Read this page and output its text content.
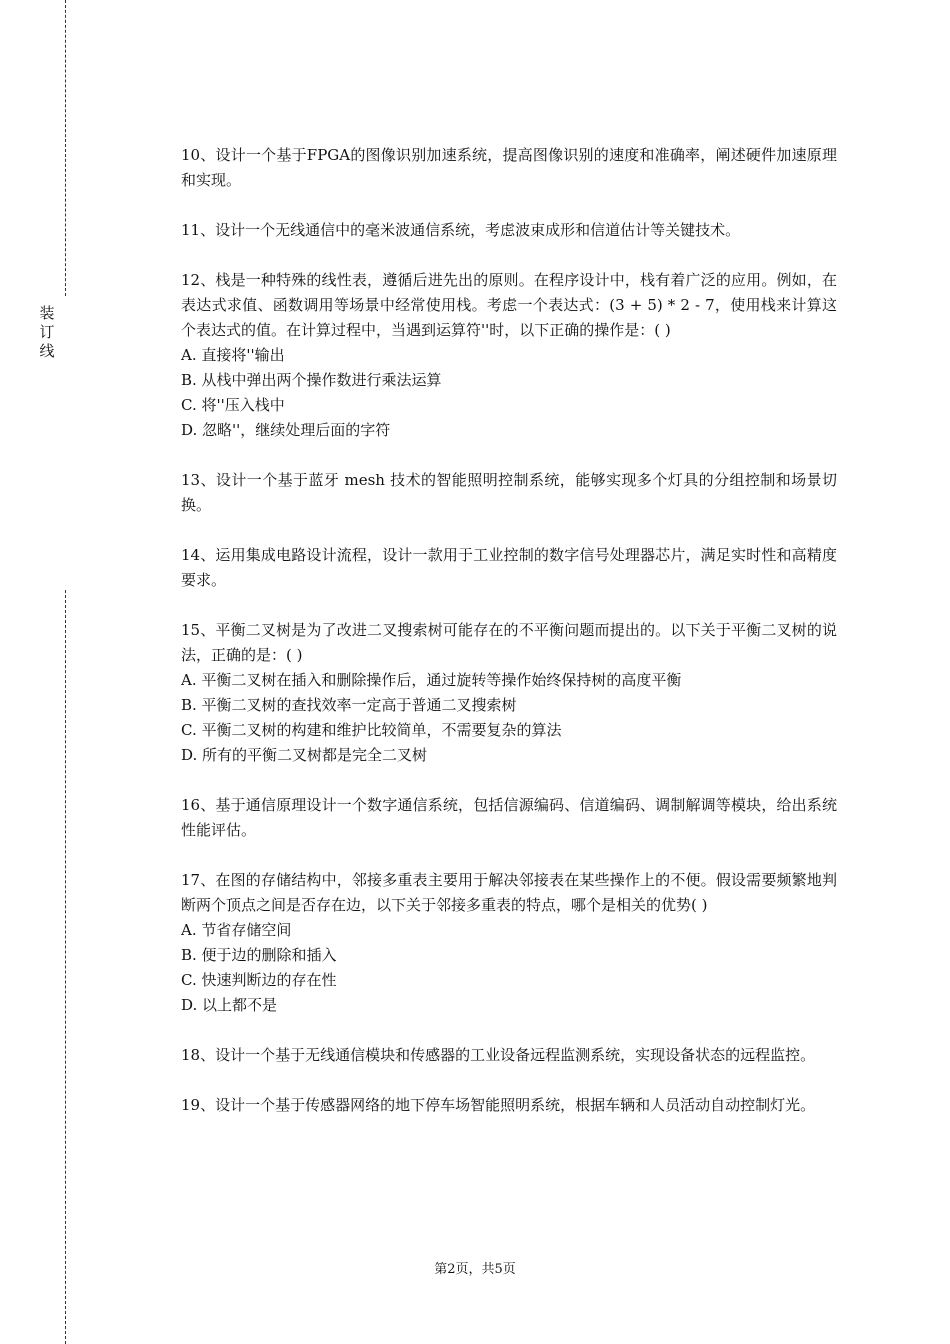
装
订
线

10、设计一个基于FPGA的图像识别加速系统，提高图像识别的速度和准确率，阐述硬件加速原理和实现。

11、设计一个无线通信中的毫米波通信系统，考虑波束成形和信道估计等关键技术。

12、栈是一种特殊的线性表，遵循后进先出的原则。在程序设计中，栈有着广泛的应用。例如，在表达式求值、函数调用等场景中经常使用栈。考虑一个表达式：(3 + 5) * 2 - 7，使用栈来计算这个表达式的值。在计算过程中，当遇到运算符''时，以下正确的操作是：( )

A. 直接将''输出

B. 从栈中弹出两个操作数进行乘法运算

C. 将''压入栈中

D. 忽略''，继续处理后面的字符

13、设计一个基于蓝牙 mesh 技术的智能照明控制系统，能够实现多个灯具的分组控制和场景切换。

14、运用集成电路设计流程，设计一款用于工业控制的数字信号处理器芯片，满足实时性和高精度要求。

15、平衡二叉树是为了改进二叉搜索树可能存在的不平衡问题而提出的。以下关于平衡二叉树的说法，正确的是：( )

A. 平衡二叉树在插入和删除操作后，通过旋转等操作始终保持树的高度平衡

B. 平衡二叉树的查找效率一定高于普通二叉搜索树

C. 平衡二叉树的构建和维护比较简单，不需要复杂的算法

D. 所有的平衡二叉树都是完全二叉树

16、基于通信原理设计一个数字通信系统，包括信源编码、信道编码、调制解调等模块，给出系统性能评估。

17、在图的存储结构中，邻接多重表主要用于解决邻接表在某些操作上的不便。假设需要频繁地判断两个顶点之间是否存在边，以下关于邻接多重表的特点，哪个是相关的优势( )

A. 节省存储空间

B. 便于边的删除和插入

C. 快速判断边的存在性

D. 以上都不是

18、设计一个基于无线通信模块和传感器的工业设备远程监测系统，实现设备状态的远程监控。

19、设计一个基于传感器网络的地下停车场智能照明系统，根据车辆和人员活动自动控制灯光。

第2页，共5页
